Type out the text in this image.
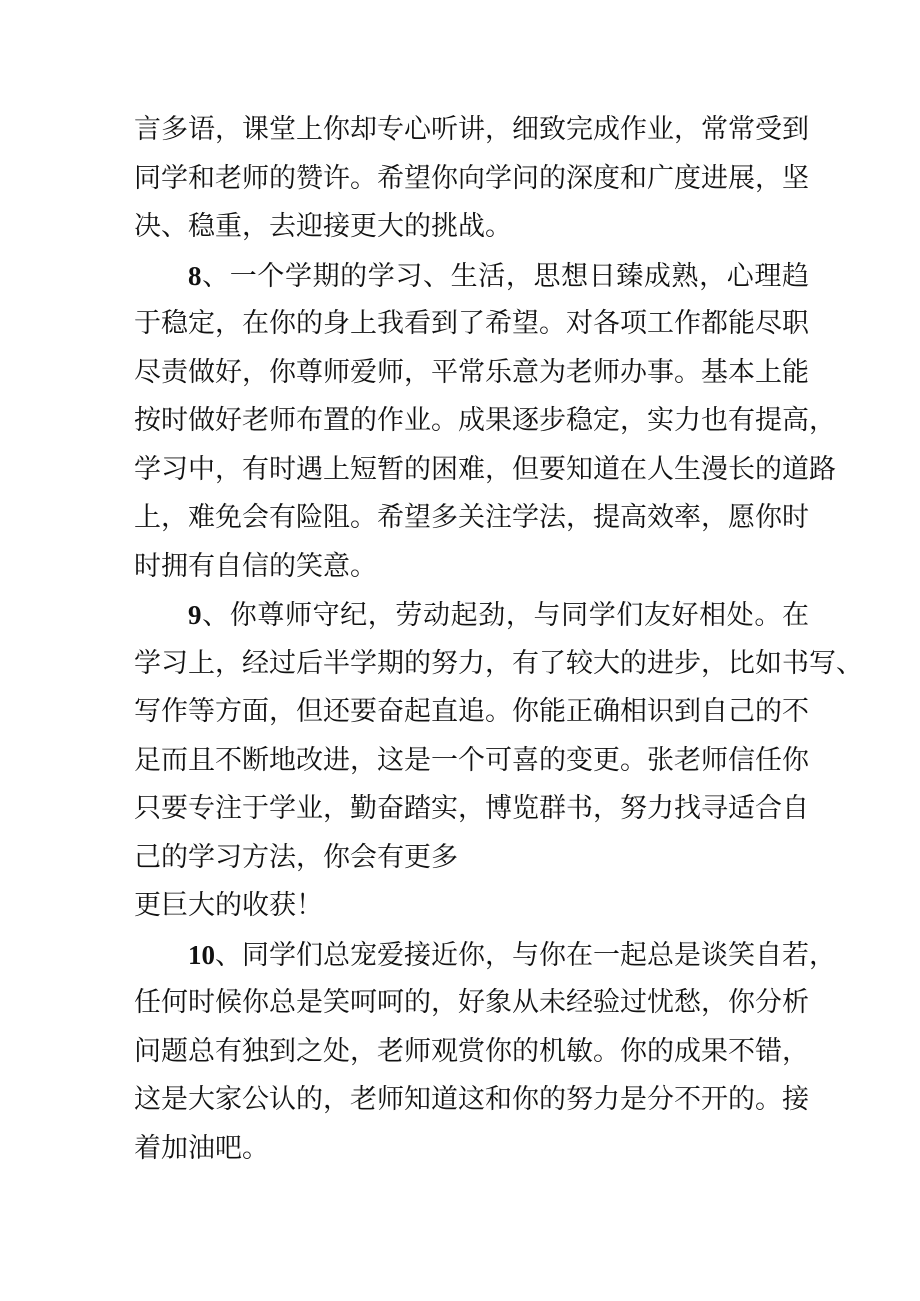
言多语，课堂上你却专心听讲，细致完成作业，常常受到
同学和老师的赞许。希望你向学问的深度和广度进展，坚
决、稳重，去迎接更大的挑战。
8、一个学期的学习、生活，思想日臻成熟，心理趋
于稳定，在你的身上我看到了希望。对各项工作都能尽职
尽责做好，你尊师爱师，平常乐意为老师办事。基本上能
按时做好老师布置的作业。成果逐步稳定，实力也有提高，
学习中，有时遇上短暂的困难，但要知道在人生漫长的道路
上，难免会有险阻。希望多关注学法，提高效率，愿你时
时拥有自信的笑意。
9、你尊师守纪，劳动起劲，与同学们友好相处。在
学习上，经过后半学期的努力，有了较大的进步，比如书写、
写作等方面，但还要奋起直追。你能正确相识到自己的不
足而且不断地改进，这是一个可喜的变更。张老师信任你
只要专注于学业，勤奋踏实，博览群书，努力找寻适合自
己的学习方法，你会有更多
更巨大的收获！
10、同学们总宠爱接近你，与你在一起总是谈笑自若，
任何时候你总是笑呵呵的，好象从未经验过忧愁，你分析
问题总有独到之处，老师观赏你的机敏。你的成果不错，
这是大家公认的，老师知道这和你的努力是分不开的。接
着加油吧。
